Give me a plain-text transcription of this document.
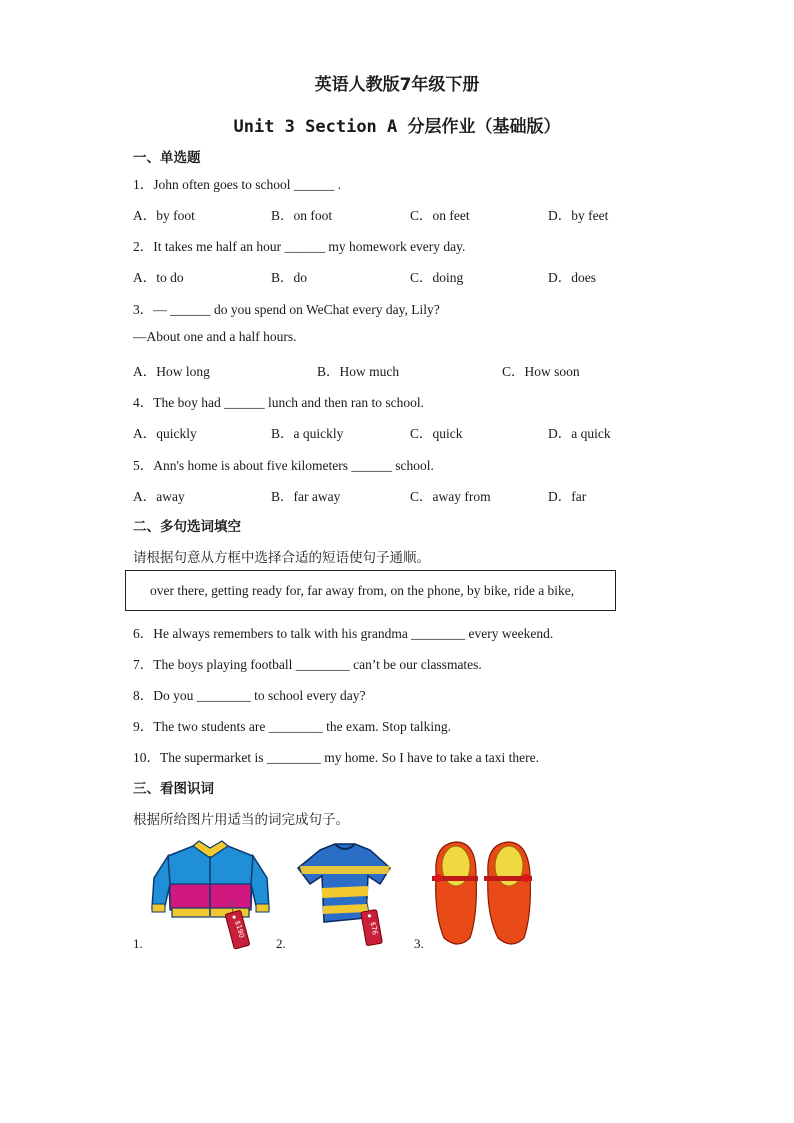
英语人教版7年级下册
Unit 3 Section A 分层作业（基础版）
一、单选题
1．John often goes to school ______ .
A．by foot	B．on foot	C．on feet	D．by feet
2．It takes me half an hour ______ my homework every day.
A．to do	B．do	C．doing	D．does
3．— ______ do you spend on WeChat every day, Lily?
—About one and a half hours.
A．How long	B．How much	C．How soon
4．The boy had ______ lunch and then ran to school.
A．quickly	B．a quickly	C．quick	D．a quick
5．Ann's home is about five kilometers ______ school.
A．away	B．far away	C．away from	D．far
二、多句选词填空
请根据句意从方框中选择合适的短语使句子通顺。
over there, getting ready for, far away from, on the phone, by bike, ride a bike,
6．He always remembers to talk with his grandma ________ every weekend.
7．The boys playing football ________ can’t be our classmates.
8．Do you ________ to school every day?
9．The two students are ________ the exam. Stop talking.
10．The supermarket is ________ my home. So I have to take a taxi there.
三、看图识词
根据所给图片用适当的词完成句子。
1.	2.	3.
$190	$76
